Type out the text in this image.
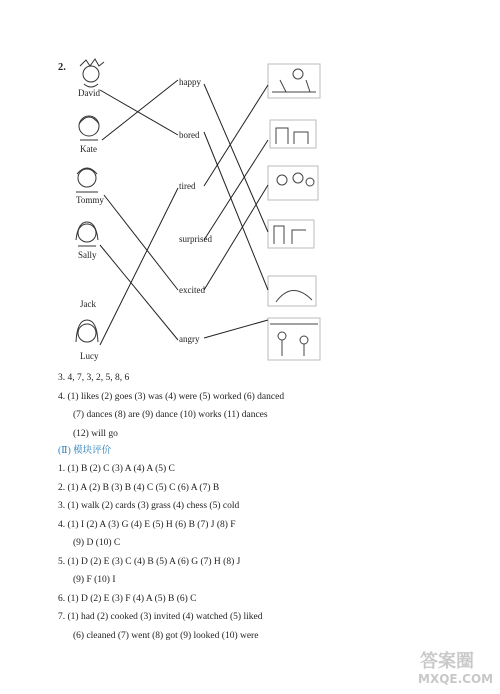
2.
David
Kate
Tommy
Sally
Jack
Lucy
happy
bored
tired
surprised
excited
angry
3. 4, 7, 3, 2, 5, 8, 6
4. (1) likes (2) goes (3) was (4) were (5) worked (6) danced
(7) dances (8) are (9) dance (10) works (11) dances
(12) will go
(Ⅱ) 模块评价
1. (1) B (2) C (3) A (4) A (5) C
2. (1) A (2) B (3) B (4) C (5) C (6) A (7) B
3. (1) walk (2) cards (3) grass (4) chess (5) cold
4. (1) I (2) A (3) G (4) E (5) H (6) B (7) J (8) F
(9) D (10) C
5. (1) D (2) E (3) C (4) B (5) A (6) G (7) H (8) J
(9) F (10) I
6. (1) D (2) E (3) F (4) A (5) B (6) C
7. (1) had (2) cooked (3) invited (4) watched (5) liked
(6) cleaned (7) went (8) got (9) looked (10) were
答案圈
MXQE.COM
